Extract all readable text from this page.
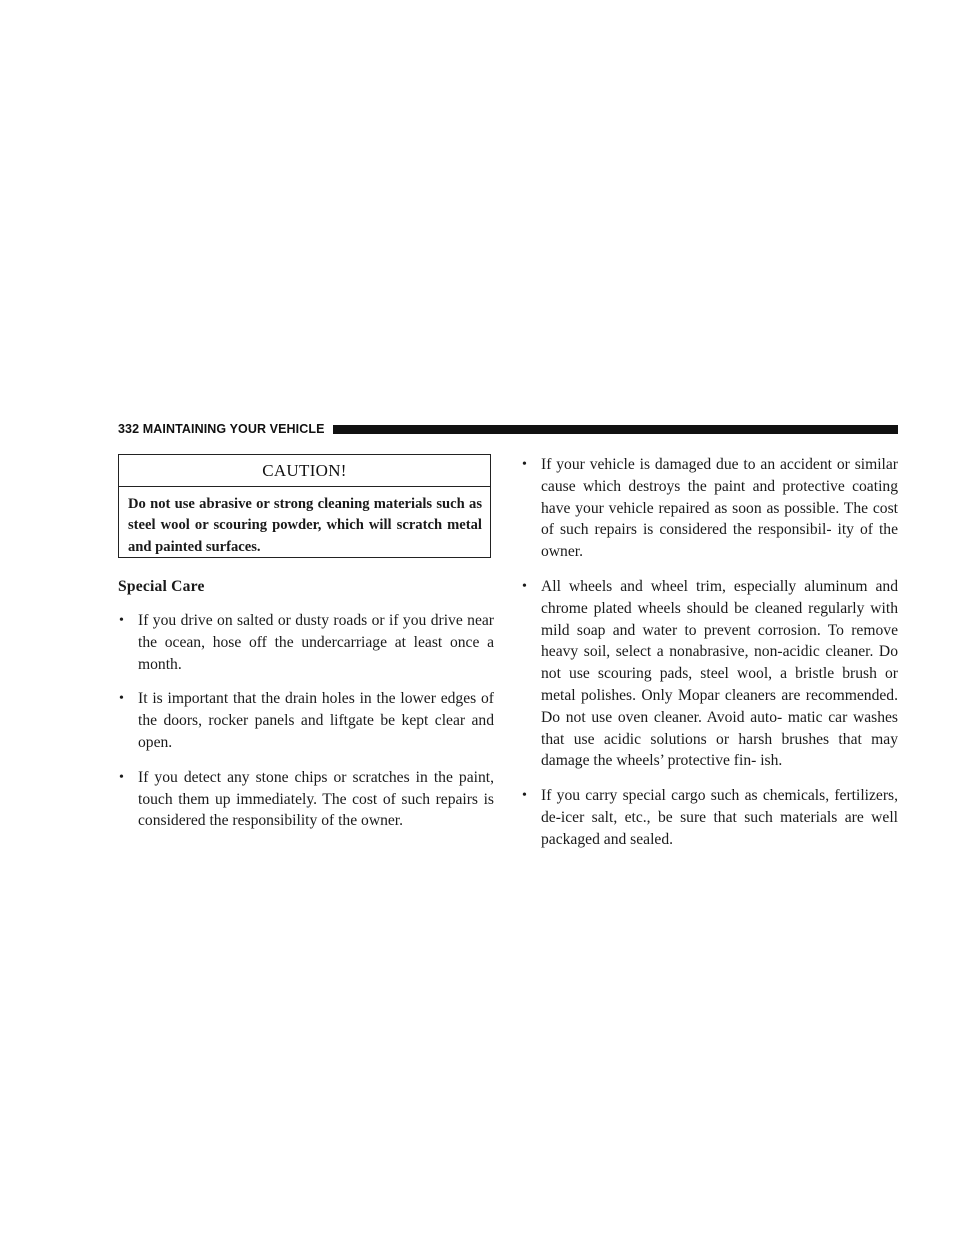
332 MAINTAINING YOUR VEHICLE
CAUTION!
Do not use abrasive or strong cleaning materials such as steel wool or scouring powder, which will scratch metal and painted surfaces.
Special Care
• If you drive on salted or dusty roads or if you drive near the ocean, hose off the undercarriage at least once a month.
• It is important that the drain holes in the lower edges of the doors, rocker panels and liftgate be kept clear and open.
• If you detect any stone chips or scratches in the paint, touch them up immediately. The cost of such repairs is considered the responsibility of the owner.
• If your vehicle is damaged due to an accident or similar cause which destroys the paint and protective coating have your vehicle repaired as soon as possible. The cost of such repairs is considered the responsibil- ity of the owner.
• All wheels and wheel trim, especially aluminum and chrome plated wheels should be cleaned regularly with mild soap and water to prevent corrosion. To remove heavy soil, select a nonabrasive, non-acidic cleaner. Do not use scouring pads, steel wool, a bristle brush or metal polishes. Only Mopar cleaners are recommended. Do not use oven cleaner. Avoid auto- matic car washes that use acidic solutions or harsh brushes that may damage the wheels’ protective fin- ish.
• If you carry special cargo such as chemicals, fertilizers, de-icer salt, etc., be sure that such materials are well packaged and sealed.
